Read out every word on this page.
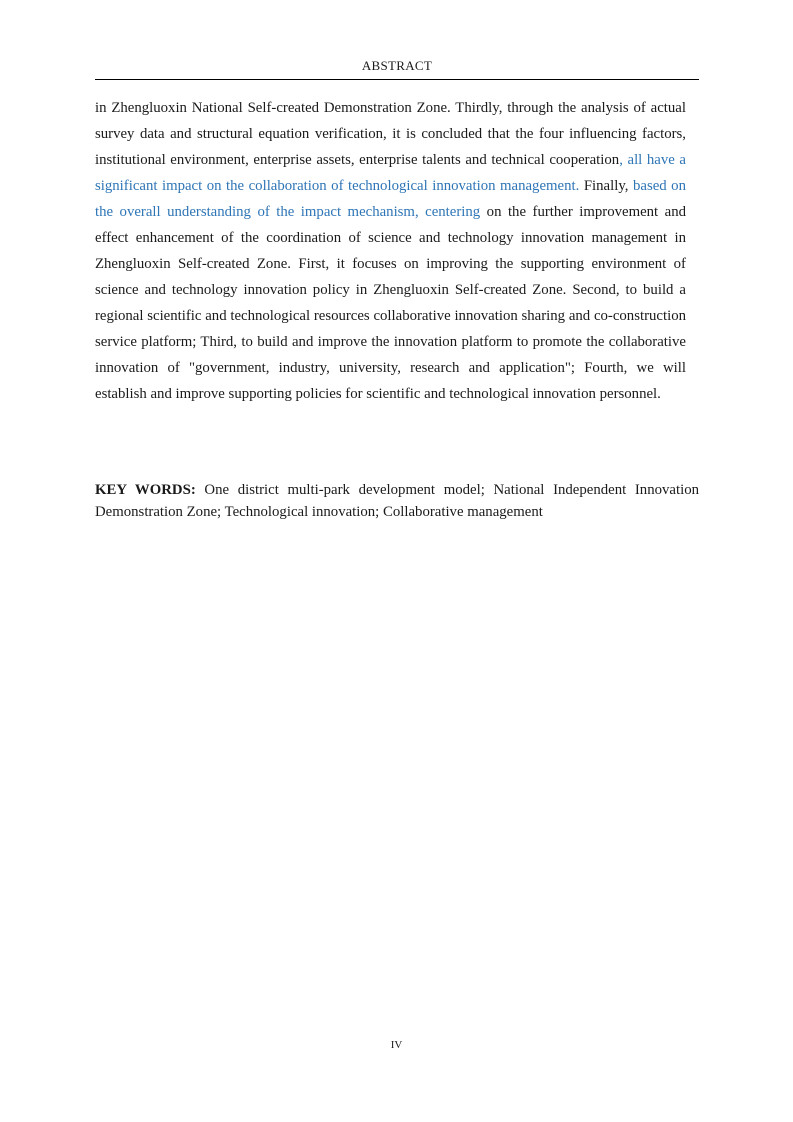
ABSTRACT

in Zhengluoxin National Self-created Demonstration Zone. Thirdly, through the analysis of actual survey data and structural equation verification, it is concluded that the four influencing factors, institutional environment, enterprise assets, enterprise talents and technical cooperation, all have a significant impact on the collaboration of technological innovation management. Finally, based on the overall understanding of the impact mechanism, centering on the further improvement and effect enhancement of the coordination of science and technology innovation management in Zhengluoxin Self-created Zone. First, it focuses on improving the supporting environment of science and technology innovation policy in Zhengluoxin Self-created Zone. Second, to build a regional scientific and technological resources collaborative innovation sharing and co-construction service platform; Third, to build and improve the innovation platform to promote the collaborative innovation of "government, industry, university, research and application"; Fourth, we will establish and improve supporting policies for scientific and technological innovation personnel.

KEY WORDS: One district multi-park development model; National Independent Innovation Demonstration Zone; Technological innovation; Collaborative management

IV
